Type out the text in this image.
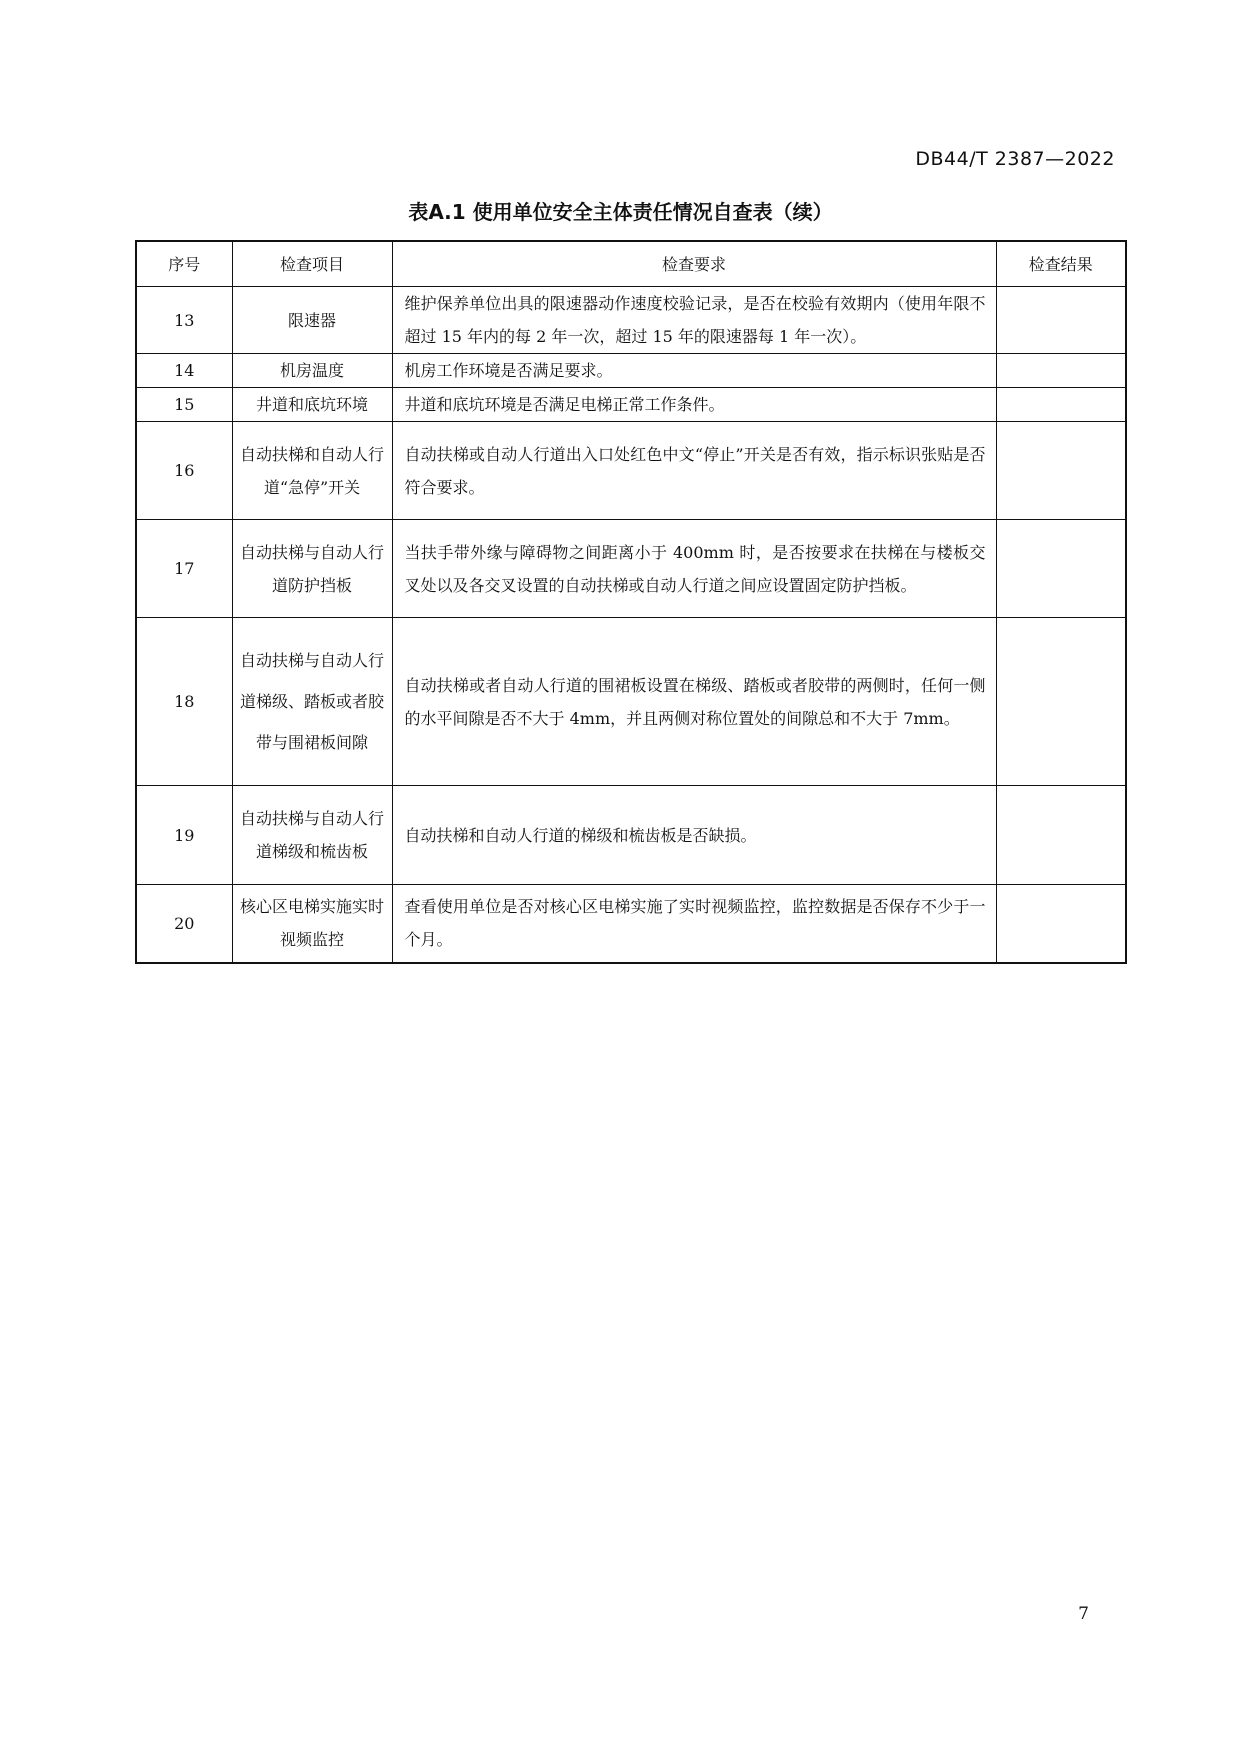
DB44/T 2387—2022
表A.1 使用单位安全主体责任情况自查表（续）
序号	检查项目	检查要求	检查结果
13	限速器	维护保养单位出具的限速器动作速度校验记录，是否在校验有效期内（使用年限不超过 15 年内的每 2 年一次，超过 15 年的限速器每 1 年一次）。	
14	机房温度	机房工作环境是否满足要求。	
15	井道和底坑环境	井道和底坑环境是否满足电梯正常工作条件。	
16	自动扶梯和自动人行道“急停”开关	自动扶梯或自动人行道出入口处红色中文“停止”开关是否有效，指示标识张贴是否符合要求。	
17	自动扶梯与自动人行道防护挡板	当扶手带外缘与障碍物之间距离小于 400mm 时，是否按要求在扶梯在与楼板交叉处以及各交叉设置的自动扶梯或自动人行道之间应设置固定防护挡板。	
18	自动扶梯与自动人行道梯级、踏板或者胶带与围裙板间隙	自动扶梯或者自动人行道的围裙板设置在梯级、踏板或者胶带的两侧时，任何一侧的水平间隙是否不大于 4mm，并且两侧对称位置处的间隙总和不大于 7mm。	
19	自动扶梯与自动人行道梯级和梳齿板	自动扶梯和自动人行道的梯级和梳齿板是否缺损。	
20	核心区电梯实施实时视频监控	查看使用单位是否对核心区电梯实施了实时视频监控，监控数据是否保存不少于一个月。	
7
